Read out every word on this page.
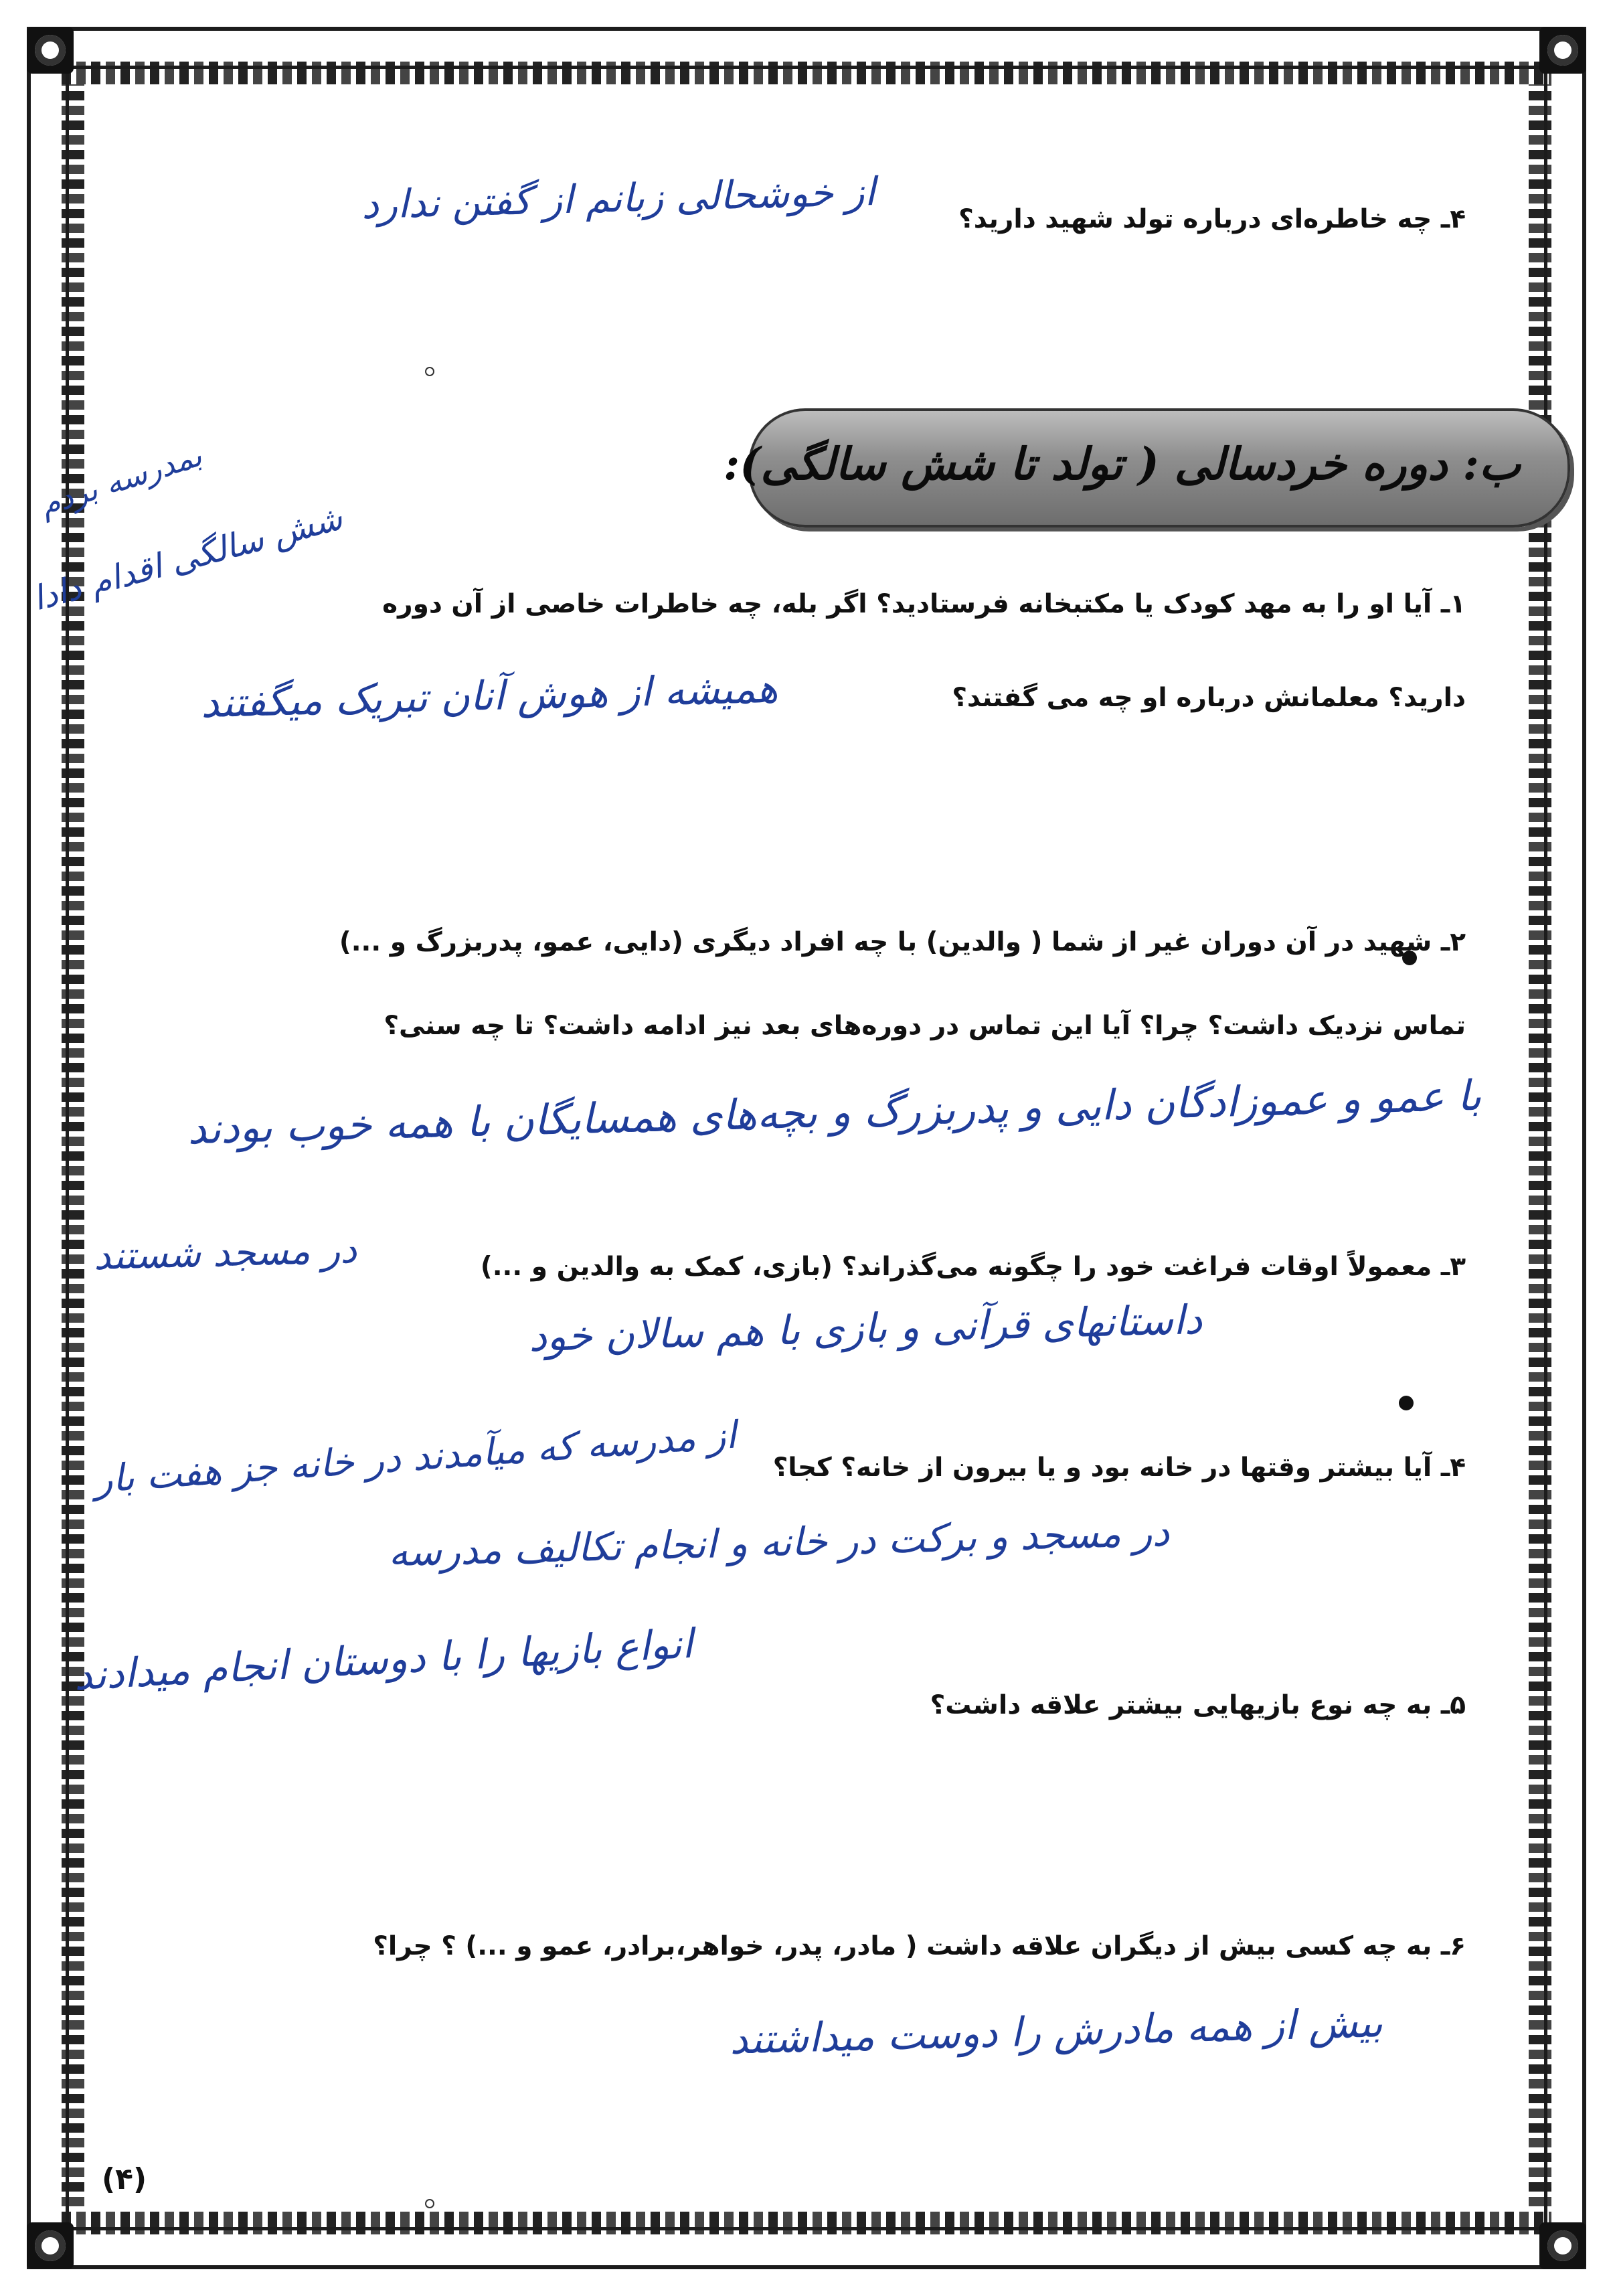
۴ـ چه خاطره‌ای درباره تولد شهید دارید؟
از خوشحالی زبانم از گفتن ندارد
ب: دوره خردسالی ( تولد تا شش سالگی):
بمدرسه بردم
شش سالگی اقدام دادا ۱ـ آیا او را به مهد کودک یا مکتبخانه فرستادید؟ اگر بله، چه خاطرات خاصی از آن دوره
دارید؟ معلمانش درباره او چه می گفتند؟
همیشه از هوش آنان تبریک میگفتند
۲ـ شهید در آن دوران غیر از شما ( والدین) با چه افراد دیگری (دایی، عمو، پدربزرگ و ...)
تماس نزدیک داشت؟ چرا؟ آیا این تماس در دوره‌های بعد نیز ادامه داشت؟ تا چه سنی؟
با عمو و عموزادگان دایی و پدربزرگ و بچه‌های همسایگان با همه خوب بودند
۳ـ معمولاً اوقات فراغت خود را چگونه می‌گذراند؟ (بازی، کمک به والدین و ...)
در مسجد شستند
داستانهای قرآنی و بازی با هم سالان خود
۴ـ آیا بیشتر وقتها در خانه بود و یا بیرون از خانه؟ کجا؟
از مدرسه که میآمدند در خانه جز هفت بار
در مسجد و برکت در خانه و انجام تکالیف مدرسه
۵ـ به چه نوع بازیهایی بیشتر علاقه داشت؟
انواع بازیها را با دوستان انجام میدادند
۶ـ به چه کسی بیش از دیگران علاقه داشت ( مادر، پدر، خواهر،برادر، عمو و ...) ؟ چرا؟
بیش از همه مادرش را دوست میداشتند
(۴)
